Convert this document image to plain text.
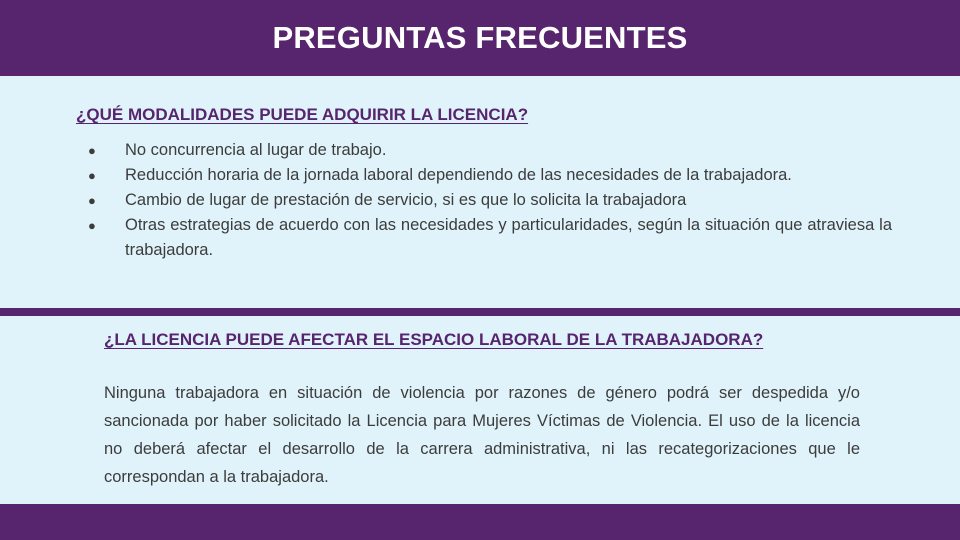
PREGUNTAS FRECUENTES

¿QUÉ MODALIDADES PUEDE ADQUIRIR LA LICENCIA?

● No concurrencia al lugar de trabajo.
● Reducción horaria de la jornada laboral dependiendo de las necesidades de la trabajadora.
● Cambio de lugar de prestación de servicio, si es que lo solicita la trabajadora
● Otras estrategias de acuerdo con las necesidades y particularidades, según la situación que atraviesa la trabajadora.

¿LA LICENCIA PUEDE AFECTAR EL ESPACIO LABORAL DE LA TRABAJADORA?

Ninguna trabajadora en situación de violencia por razones de género podrá ser despedida y/o sancionada por haber solicitado la Licencia para Mujeres Víctimas de Violencia. El uso de la licencia no deberá afectar el desarrollo de la carrera administrativa, ni las recategorizaciones que le correspondan a la trabajadora.
